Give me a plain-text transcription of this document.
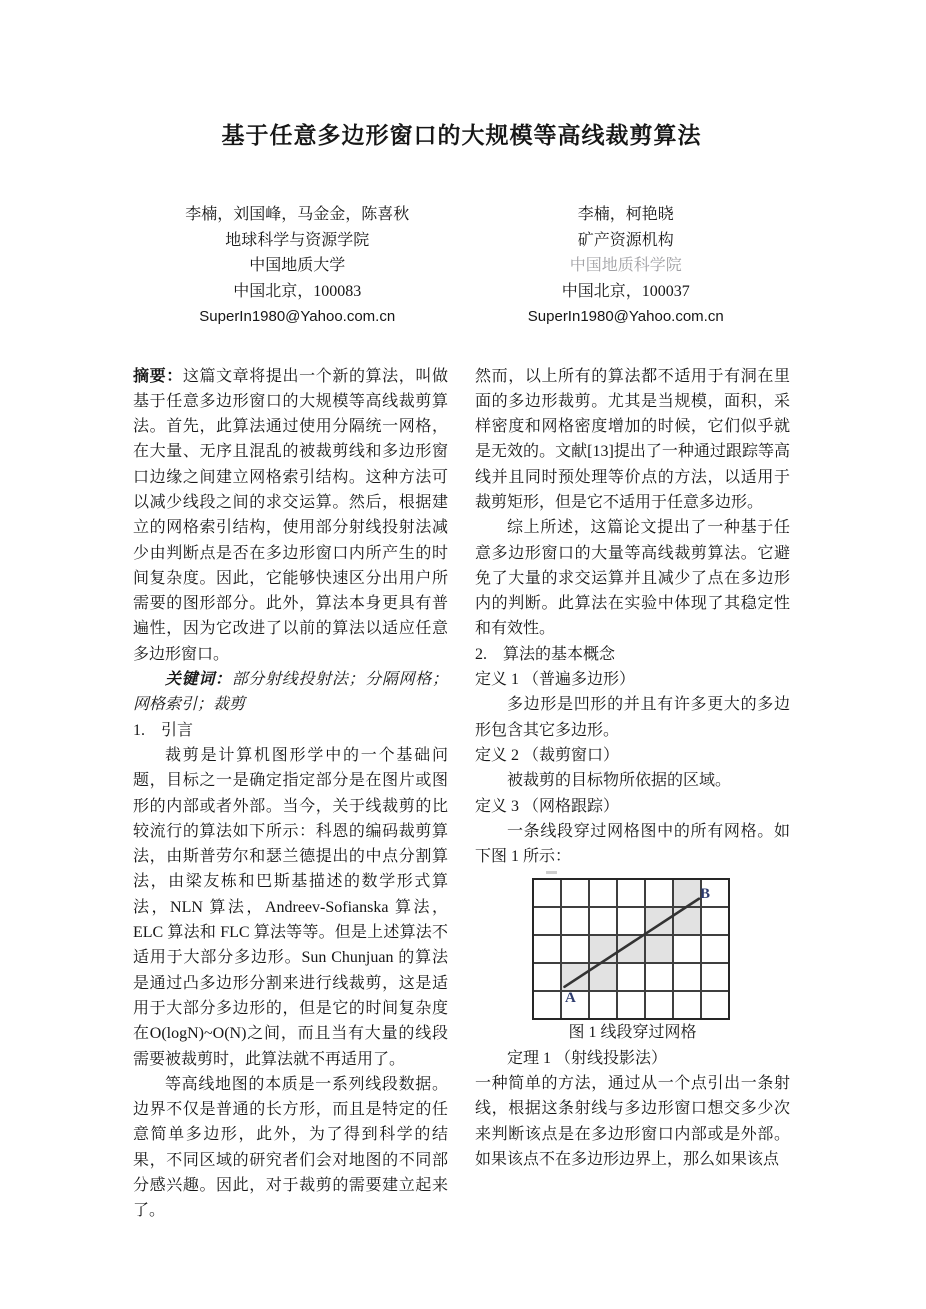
基于任意多边形窗口的大规模等高线裁剪算法
李楠，刘国峰，马金金，陈喜秋
地球科学与资源学院
中国地质大学
中国北京，100083
SuperIn1980@Yahoo.com.cn
李楠，柯艳晓
矿产资源机构
中国地质科学院
中国北京，100037
SuperIn1980@Yahoo.com.cn

摘要：这篇文章将提出一个新的算法，叫做基于任意多边形窗口的大规模等高线裁剪算法。首先，此算法通过使用分隔统一网格，在大量、无序且混乱的被裁剪线和多边形窗口边缘之间建立网格索引结构。这种方法可以减少线段之间的求交运算。然后，根据建立的网格索引结构，使用部分射线投射法减少由判断点是否在多边形窗口内所产生的时间复杂度。因此，它能够快速区分出用户所需要的图形部分。此外，算法本身更具有普遍性，因为它改进了以前的算法以适应任意多边形窗口。

关键词：部分射线投射法；分隔网格；网格索引；裁剪

1.　引言

裁剪是计算机图形学中的一个基础问题，目标之一是确定指定部分是在图片或图形的内部或者外部。当今，关于线裁剪的比较流行的算法如下所示：科恩的编码裁剪算法，由斯普劳尔和瑟兰德提出的中点分割算法，由梁友栋和巴斯基描述的数学形式算法，NLN 算法，Andreev-Sofianska 算法，ELC 算法和 FLC 算法等等。但是上述算法不适用于大部分多边形。Sun Chunjuan 的算法是通过凸多边形分割来进行线裁剪，这是适用于大部分多边形的，但是它的时间复杂度在O(logN)~O(N)之间，而且当有大量的线段需要被裁剪时，此算法就不再适用了。

等高线地图的本质是一系列线段数据。边界不仅是普通的长方形，而且是特定的任意简单多边形，此外，为了得到科学的结果，不同区域的研究者们会对地图的不同部分感兴趣。因此，对于裁剪的需要建立起来了。

然而，以上所有的算法都不适用于有洞在里面的多边形裁剪。尤其是当规模，面积，采样密度和网格密度增加的时候，它们似乎就是无效的。文献[13]提出了一种通过跟踪等高线并且同时预处理等价点的方法，以适用于裁剪矩形，但是它不适用于任意多边形。

综上所述，这篇论文提出了一种基于任意多边形窗口的大量等高线裁剪算法。它避免了大量的求交运算并且减少了点在多边形内的判断。此算法在实验中体现了其稳定性和有效性。

2.　算法的基本概念

定义 1 （普遍多边形）

多边形是凹形的并且有许多更大的多边形包含其它多边形。

定义 2 （裁剪窗口）

被裁剪的目标物所依据的区域。

定义 3 （网格跟踪）

一条线段穿过网格图中的所有网格。如下图 1 所示：

A
B

图 1 线段穿过网格

定理 1 （射线投影法）

一种简单的方法，通过从一个点引出一条射线，根据这条射线与多边形窗口想交多少次来判断该点是在多边形窗口内部或是外部。如果该点不在多边形边界上，那么如果该点
